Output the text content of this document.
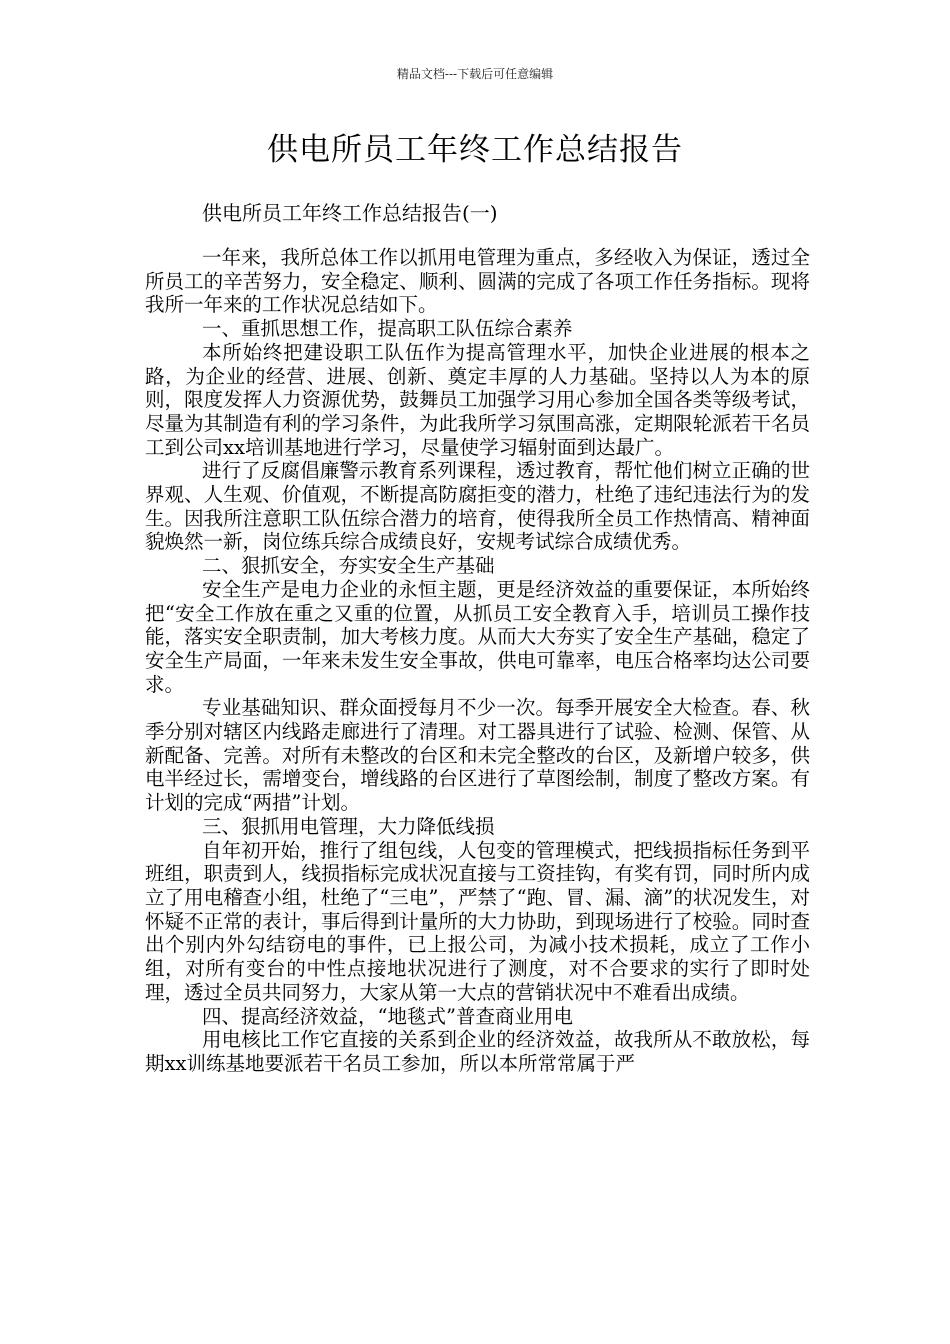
精品文档---下载后可任意编辑
供电所员工年终工作总结报告

供电所员工年终工作总结报告(一)

一年来，我所总体工作以抓用电管理为重点，多经收入为保证，透过全所员工的辛苦努力，安全稳定、顺利、圆满的完成了各项工作任务指标。现将我所一年来的工作状况总结如下。

一、重抓思想工作，提高职工队伍综合素养

本所始终把建设职工队伍作为提高管理水平，加快企业进展的根本之路，为企业的经营、进展、创新、奠定丰厚的人力基础。坚持以人为本的原则，限度发挥人力资源优势，鼓舞员工加强学习用心参加全国各类等级考试，尽量为其制造有利的学习条件，为此我所学习氛围高涨，定期限轮派若干名员工到公司xx培训基地进行学习，尽量使学习辐射面到达最广。

进行了反腐倡廉警示教育系列课程，透过教育，帮忙他们树立正确的世界观、人生观、价值观，不断提高防腐拒变的潜力，杜绝了违纪违法行为的发生。因我所注意职工队伍综合潜力的培育，使得我所全员工作热情高、精神面貌焕然一新，岗位练兵综合成绩良好，安规考试综合成绩优秀。

二、狠抓安全，夯实安全生产基础

安全生产是电力企业的永恒主题，更是经济效益的重要保证，本所始终把“安全工作放在重之又重的位置，从抓员工安全教育入手，培训员工操作技能，落实安全职责制，加大考核力度。从而大大夯实了安全生产基础，稳定了安全生产局面，一年来未发生安全事故，供电可靠率，电压合格率均达公司要求。

专业基础知识、群众面授每月不少一次。每季开展安全大检查。春、秋季分别对辖区内线路走廊进行了清理。对工器具进行了试验、检测、保管、从新配备、完善。对所有未整改的台区和未完全整改的台区，及新增户较多，供电半经过长，需增变台，增线路的台区进行了草图绘制，制度了整改方案。有计划的完成“两措”计划。

三、狠抓用电管理，大力降低线损

自年初开始，推行了组包线，人包变的管理模式，把线损指标任务到平班组，职责到人，线损指标完成状况直接与工资挂钩，有奖有罚，同时所内成立了用电稽查小组，杜绝了“三电”，严禁了“跑、冒、漏、滴”的状况发生，对怀疑不正常的表计，事后得到计量所的大力协助，到现场进行了校验。同时查出个别内外勾结窃电的事件，已上报公司，为减小技术损耗，成立了工作小组，对所有变台的中性点接地状况进行了测度，对不合要求的实行了即时处理，透过全员共同努力，大家从第一大点的营销状况中不难看出成绩。

四、提高经济效益，“地毯式”普查商业用电

用电核比工作它直接的关系到企业的经济效益，故我所从不敢放松，每期xx训练基地要派若干名员工参加，所以本所常常属于严
